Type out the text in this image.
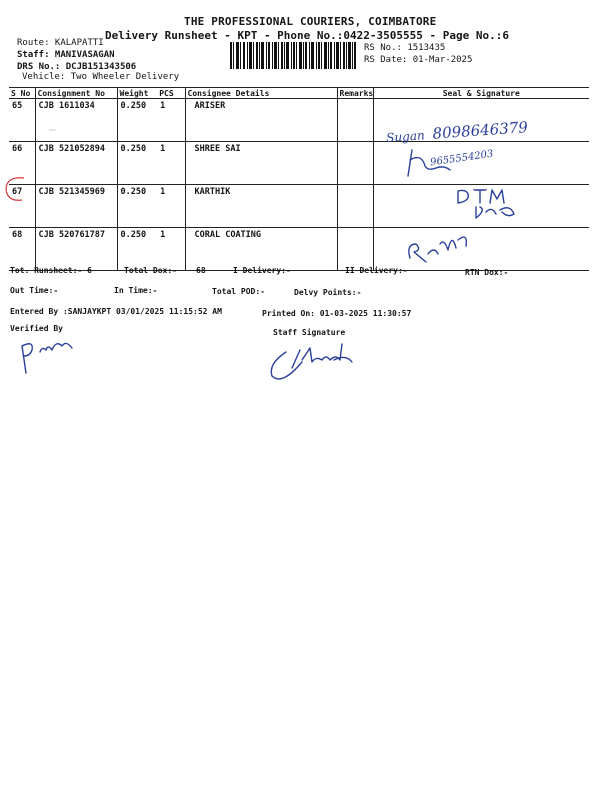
THE PROFESSIONAL COURIERS, COIMBATORE
Delivery Runsheet - KPT - Phone No.:0422-3505555 - Page No.:6
Route: KALAPATTI
Staff: MANIVASAGAN
DRS No.: DCJB151343506
Vehicle: Two Wheeler Delivery
RS No.: 1513435
RS Date: 01-Mar-2025
S No	Consignment No	Weight PCS	Consignee Details	Remarks	Seal & Signature
65	CJB 1611034	0.250 1	ARISER		
66	CJB 521052894	0.250 1	SHREE SAI		
67	CJB 521345969	0.250 1	KARTHIK		
68	CJB 520761787	0.250 1	CORAL COATING		
Tot. Runsheet:- 6	Total Dox:- 68	I Delivery:-	II Delivery:-	RTN Dox:-
Out Time:-	In Time:-	Total POD:-	Delvy Points:-
Entered By :SANJAYKPT 03/01/2025 11:15:52 AM	Printed On: 01-03-2025 11:30:57
Verified By	Staff Signature
Sugan 8098646379
9655554203
